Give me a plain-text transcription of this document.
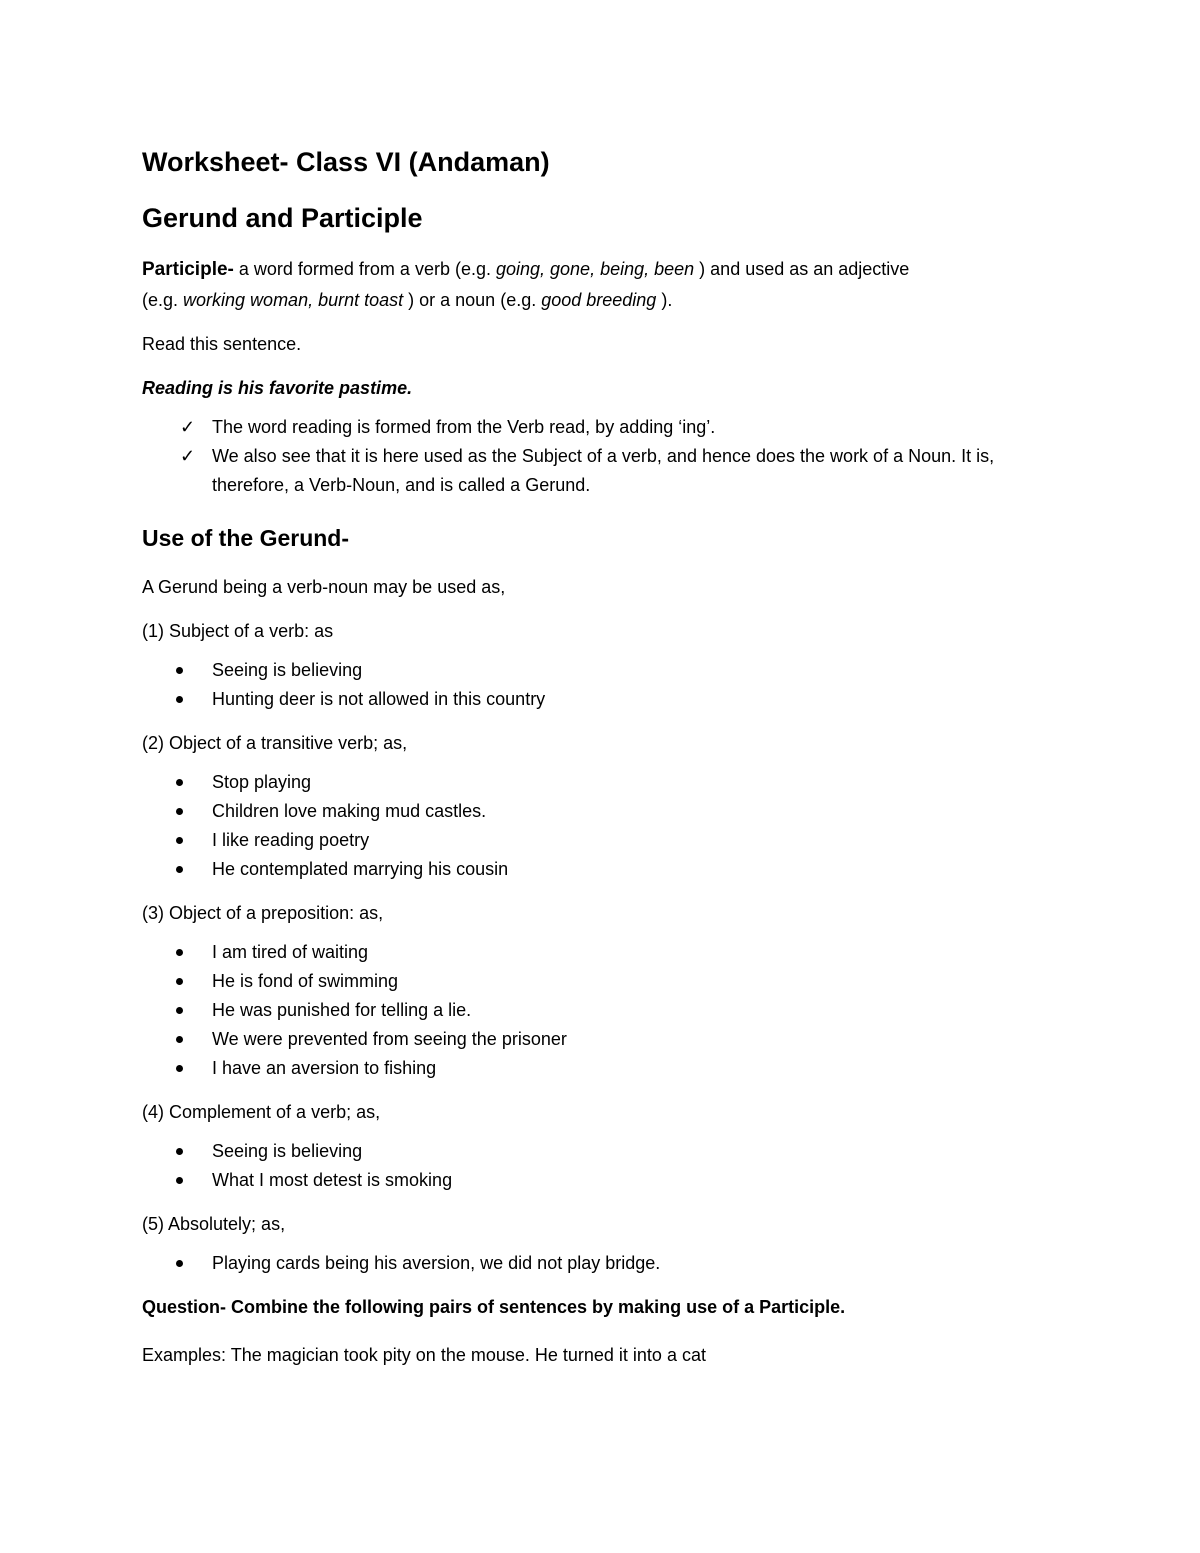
Worksheet- Class VI (Andaman)
Gerund and Participle

Participle- a word formed from a verb (e.g. going, gone, being, been ) and used as an adjective
(e.g. working woman, burnt toast ) or a noun (e.g. good breeding ).

Read this sentence.

Reading is his favorite pastime.

✓ The word reading is formed from the Verb read, by adding ‘ing’.
✓ We also see that it is here used as the Subject of a verb, and hence does the work of a Noun. It is, therefore, a Verb-Noun, and is called a Gerund.
Use of the Gerund-

A Gerund being a verb-noun may be used as,

(1) Subject of a verb: as

Seeing is believing
Hunting deer is not allowed in this country

(2) Object of a transitive verb; as,

Stop playing
Children love making mud castles.
I like reading poetry
He contemplated marrying his cousin

(3) Object of a preposition: as,

I am tired of waiting
He is fond of swimming
He was punished for telling a lie.
We were prevented from seeing the prisoner
I have an aversion to fishing

(4) Complement of a verb; as,

Seeing is believing
What I most detest is smoking

(5) Absolutely; as,

Playing cards being his aversion, we did not play bridge.

Question- Combine the following pairs of sentences by making use of a Participle.

Examples: The magician took pity on the mouse. He turned it into a cat
